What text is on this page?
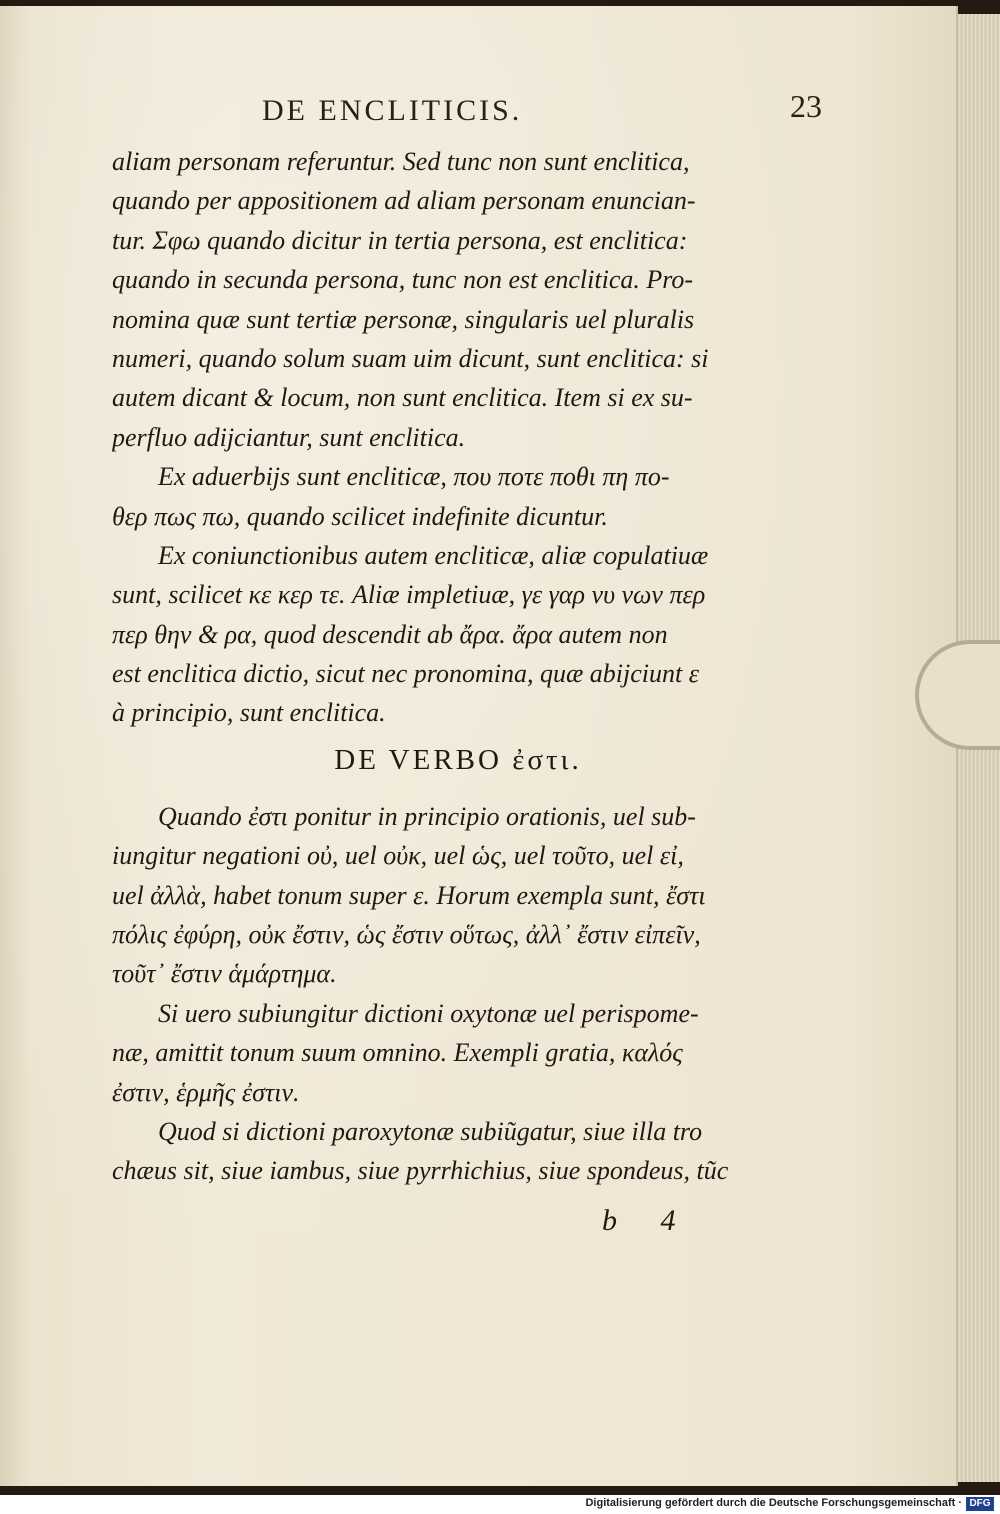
DE ENCLITICIS.	23
aliam personam referuntur. Sed tunc non sunt enclitica,
quando per appositionem ad aliam personam enuncian-
tur. Σφω quando dicitur in tertia persona, est enclitica:
quando in secunda persona, tunc non est enclitica. Pro-
nomina quæ sunt tertiæ personæ, singularis uel pluralis
numeri, quando solum suam uim dicunt, sunt enclitica: si
autem dicant & locum, non sunt enclitica. Item si ex su-
perfluo adijciantur, sunt enclitica.
Ex aduerbijs sunt encliticæ, που ποτε ποθι πη πο-
θερ πως πω, quando scilicet indefinite dicuntur.
Ex coniunctionibus autem encliticæ, aliæ copulatiuæ
sunt, scilicet κε κερ τε. Aliæ impletiuæ, γε γαρ νυ νων περ
περ θην & ρα, quod descendit ab ἄρα. ἄρα autem non
est enclitica dictio, sicut nec pronomina, quæ abijciunt ε
à principio, sunt enclitica.
DE VERBO ἐστι.
Quando ἐστι ponitur in principio orationis, uel sub-
iungitur negationi οὐ, uel οὐκ, uel ὡς, uel τοῦτο, uel εἰ,
uel ἀλλὰ, habet tonum super ε. Horum exempla sunt, ἔστι
πόλις ἐφύρη, οὐκ ἔστιν, ὡς ἔστιν οὕτως, ἀλλ᾽ ἔστιν εἰπεῖν,
τοῦτ᾽ ἔστιν ἁμάρτημα.
Si uero subiungitur dictioni oxytonæ uel perispome-
næ, amittit tonum suum omnino. Exempli gratia, καλός
ἐστιν, ἑρμῆς ἐστιν.
Quod si dictioni paroxytonæ subiũgatur, siue illa tro
chæus sit, siue iambus, siue pyrrhichius, siue spondeus, tũc
b 4
Digitalisierung gefördert durch die Deutsche Forschungsgemeinschaft · DFG
